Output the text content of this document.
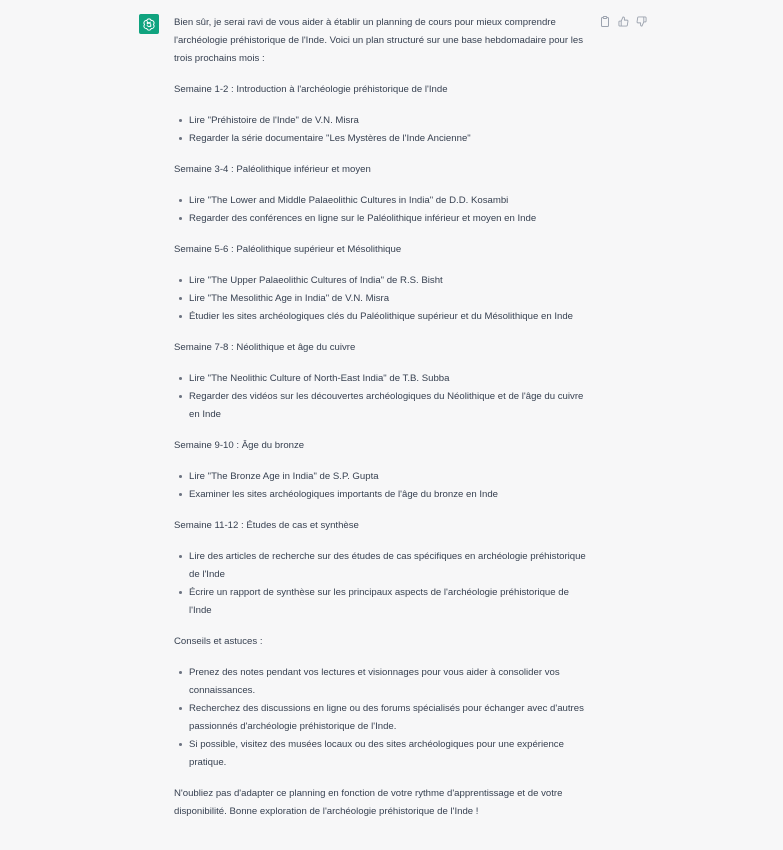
Bien sûr, je serai ravi de vous aider à établir un planning de cours pour mieux comprendre l'archéologie préhistorique de l'Inde. Voici un plan structuré sur une base hebdomadaire pour les trois prochains mois :

Semaine 1-2 : Introduction à l'archéologie préhistorique de l'Inde

Lire "Préhistoire de l'Inde" de V.N. Misra
Regarder la série documentaire "Les Mystères de l'Inde Ancienne"

Semaine 3-4 : Paléolithique inférieur et moyen

Lire "The Lower and Middle Palaeolithic Cultures in India" de D.D. Kosambi
Regarder des conférences en ligne sur le Paléolithique inférieur et moyen en Inde

Semaine 5-6 : Paléolithique supérieur et Mésolithique

Lire "The Upper Palaeolithic Cultures of India" de R.S. Bisht
Lire "The Mesolithic Age in India" de V.N. Misra
Étudier les sites archéologiques clés du Paléolithique supérieur et du Mésolithique en Inde

Semaine 7-8 : Néolithique et âge du cuivre

Lire "The Neolithic Culture of North-East India" de T.B. Subba
Regarder des vidéos sur les découvertes archéologiques du Néolithique et de l'âge du cuivre en Inde

Semaine 9-10 : Âge du bronze

Lire "The Bronze Age in India" de S.P. Gupta
Examiner les sites archéologiques importants de l'âge du bronze en Inde

Semaine 11-12 : Études de cas et synthèse

Lire des articles de recherche sur des études de cas spécifiques en archéologie préhistorique de l'Inde
Écrire un rapport de synthèse sur les principaux aspects de l'archéologie préhistorique de l'Inde

Conseils et astuces :

Prenez des notes pendant vos lectures et visionnages pour vous aider à consolider vos connaissances.
Recherchez des discussions en ligne ou des forums spécialisés pour échanger avec d'autres passionnés d'archéologie préhistorique de l'Inde.
Si possible, visitez des musées locaux ou des sites archéologiques pour une expérience pratique.

N'oubliez pas d'adapter ce planning en fonction de votre rythme d'apprentissage et de votre disponibilité. Bonne exploration de l'archéologie préhistorique de l'Inde !
